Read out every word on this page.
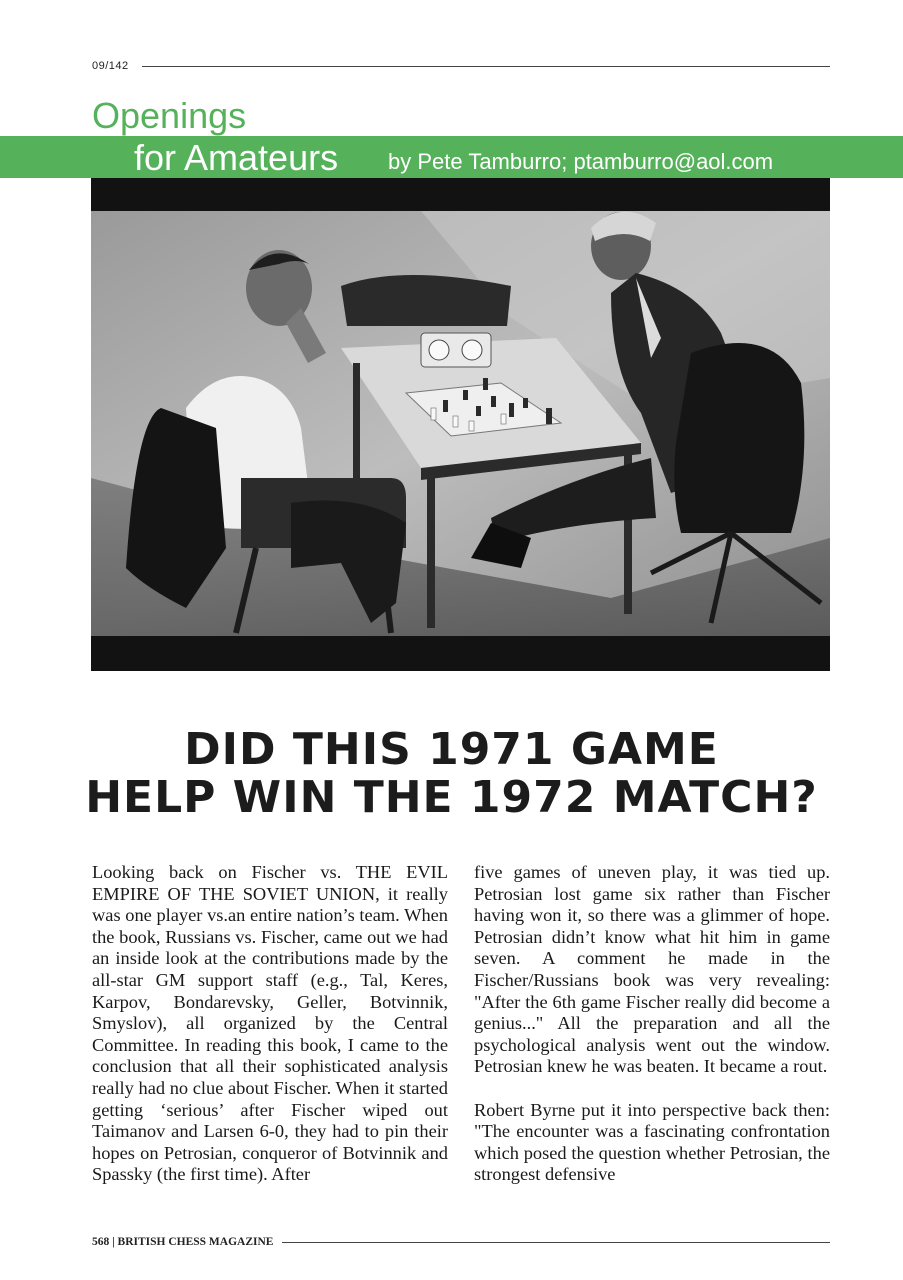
09/142
Openings
for Amateurs by Pete Tamburro; ptamburro@aol.com
DID THIS 1971 GAME
HELP WIN THE 1972 MATCH?

Looking back on Fischer vs. THE EVIL EMPIRE OF THE SOVIET UNION, it really was one player vs.an entire nation’s team. When the book, Russians vs. Fischer, came out we had an inside look at the contributions made by the all-star GM support staff (e.g., Tal, Keres, Karpov, Bondarevsky, Geller, Botvinnik, Smyslov), all organized by the Central Committee. In reading this book, I came to the conclusion that all their sophisticated analysis really had no clue about Fischer. When it started getting ‘serious’ after Fischer wiped out Taimanov and Larsen 6-0, they had to pin their hopes on Petrosian, conqueror of Botvinnik and Spassky (the first time). After

five games of uneven play, it was tied up. Petrosian lost game six rather than Fischer having won it, so there was a glimmer of hope. Petrosian didn’t know what hit him in game seven. A comment he made in the Fischer/Russians book was very revealing: "After the 6th game Fischer really did become a genius..." All the preparation and all the psychological analysis went out the window. Petrosian knew he was beaten. It became a rout.

Robert Byrne put it into perspective back then: "The encounter was a fascinating confrontation which posed the question whether Petrosian, the strongest defensive

568 | BRITISH CHESS MAGAZINE
